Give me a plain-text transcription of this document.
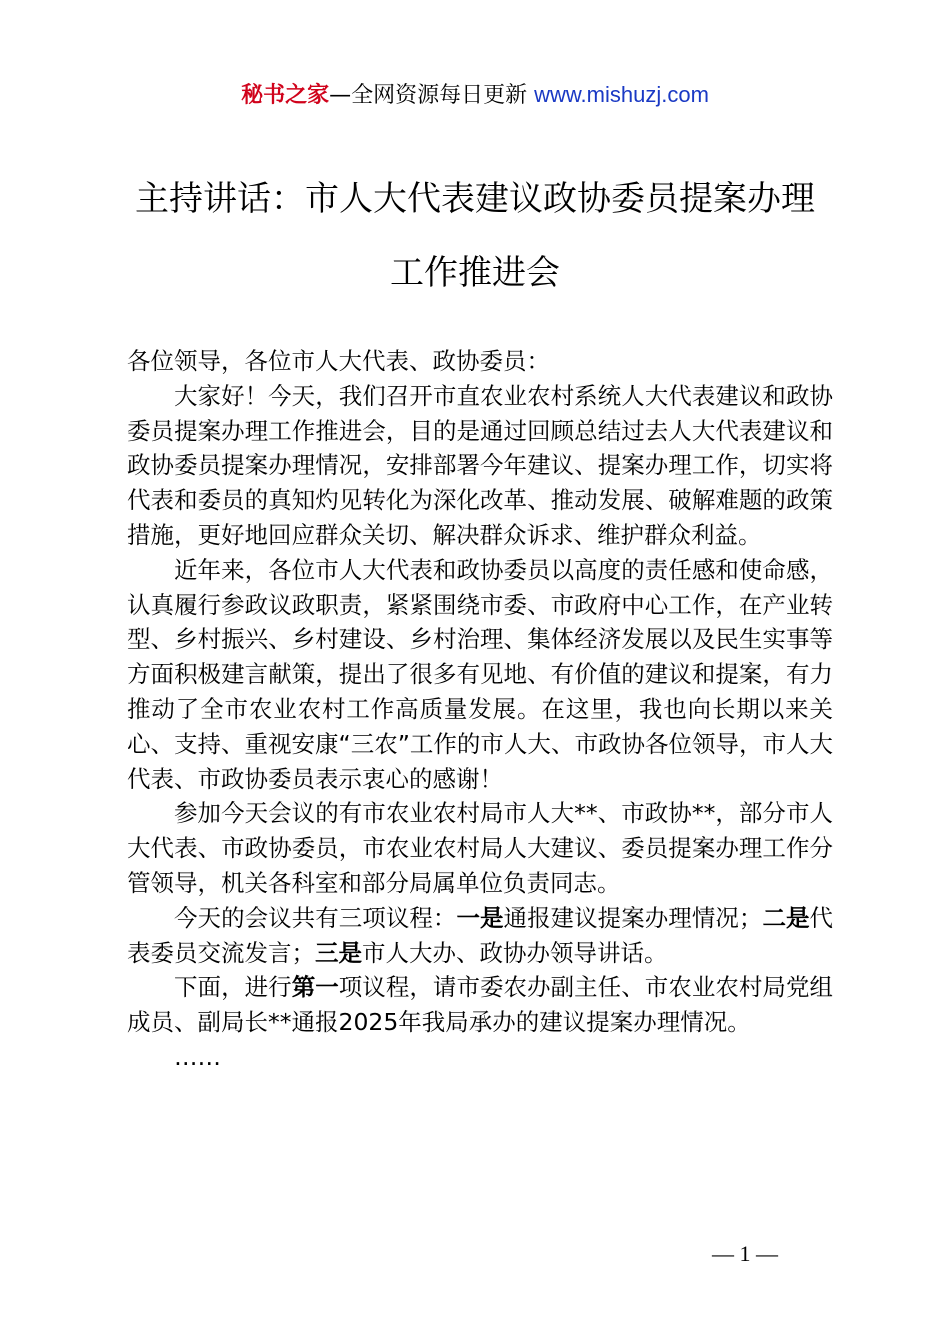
秘书之家—全网资源每日更新 www.mishuzj.com
主持讲话：市人大代表建议政协委员提案办理
工作推进会

各位领导，各位市人大代表、政协委员：

大家好！今天，我们召开市直农业农村系统人大代表建议和政协委员提案办理工作推进会，目的是通过回顾总结过去人大代表建议和政协委员提案办理情况，安排部署今年建议、提案办理工作，切实将代表和委员的真知灼见转化为深化改革、推动发展、破解难题的政策措施，更好地回应群众关切、解决群众诉求、维护群众利益。

近年来，各位市人大代表和政协委员以高度的责任感和使命感，认真履行参政议政职责，紧紧围绕市委、市政府中心工作，在产业转型、乡村振兴、乡村建设、乡村治理、集体经济发展以及民生实事等方面积极建言献策，提出了很多有见地、有价值的建议和提案，有力推动了全市农业农村工作高质量发展。在这里，我也向长期以来关心、支持、重视安康“三农”工作的市人大、市政协各位领导，市人大代表、市政协委员表示衷心的感谢！

参加今天会议的有市农业农村局市人大**、市政协**，部分市人大代表、市政协委员，市农业农村局人大建议、委员提案办理工作分管领导，机关各科室和部分局属单位负责同志。

今天的会议共有三项议程：一是通报建议提案办理情况；二是代表委员交流发言；三是市人大办、政协办领导讲话。

下面，进行第一项议程，请市委农办副主任、市农业农村局党组成员、副局长**通报2025年我局承办的建议提案办理情况。

……

— 1 —
